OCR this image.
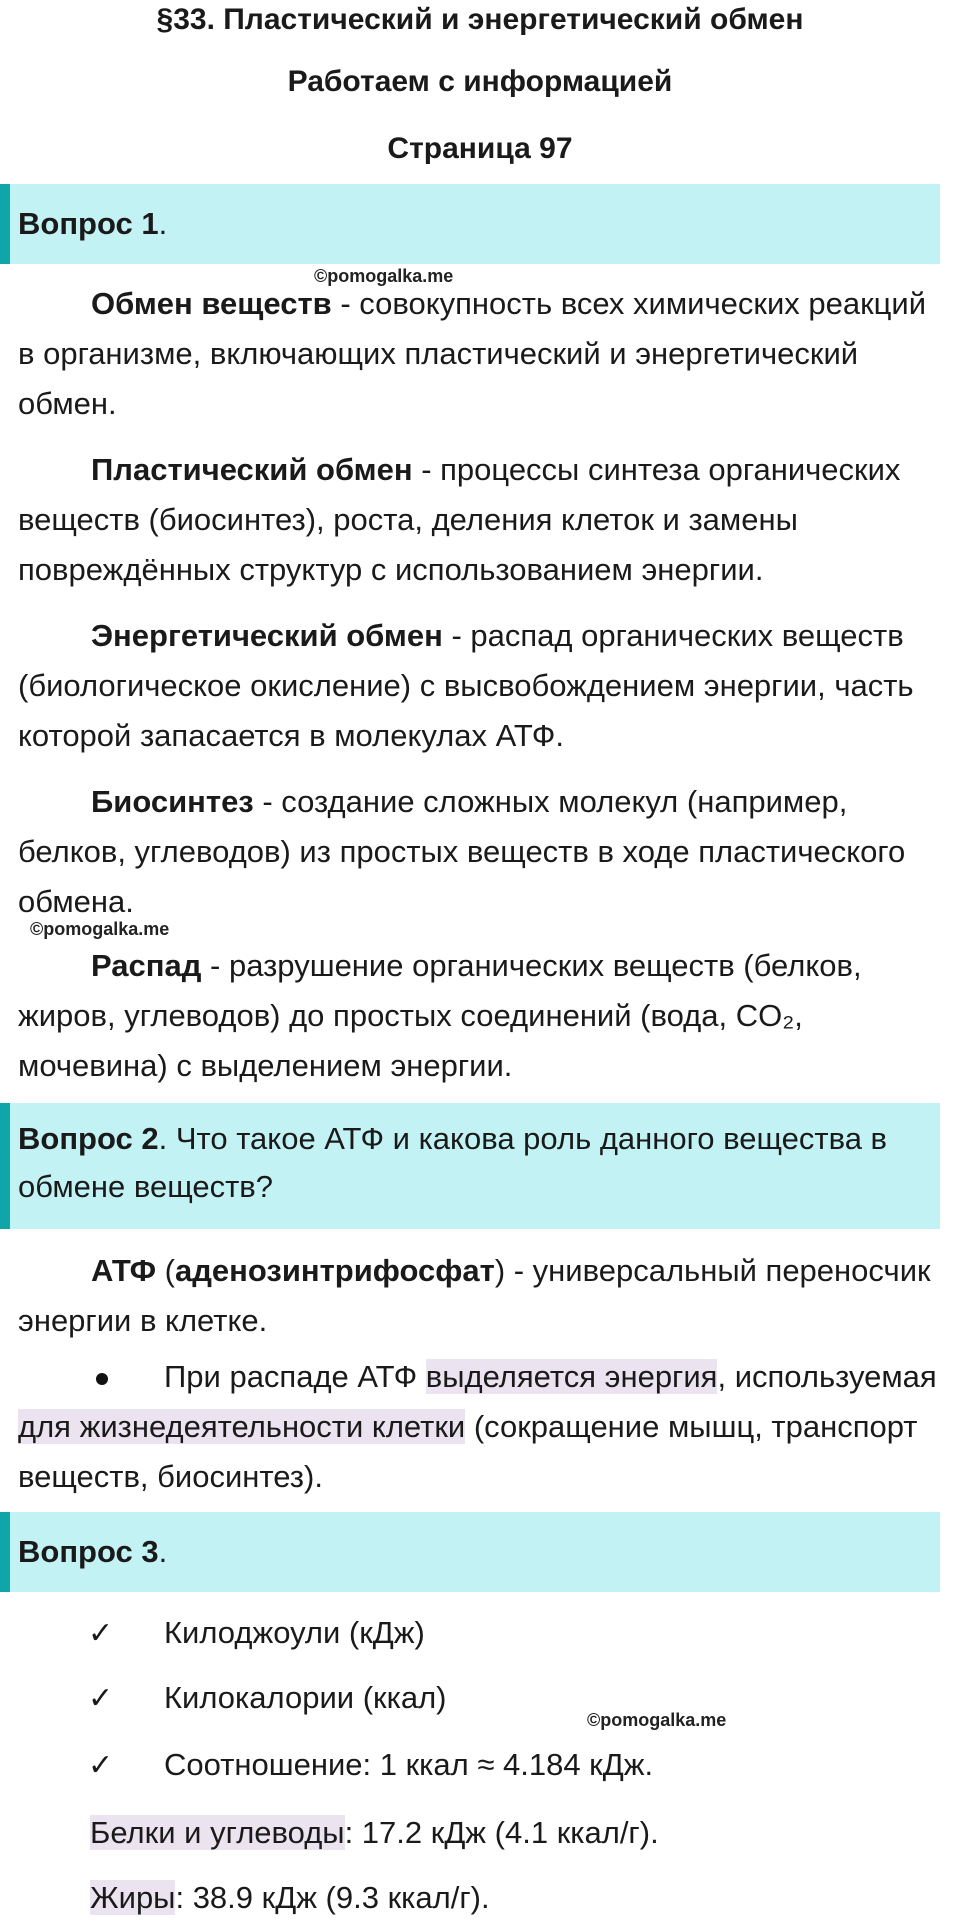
§33. Пластический и энергетический обмен
Работаем с информацией
Страница 97
Вопрос 1.
©pomogalka.me

Обмен веществ - совокупность всех химических реакций в организме, включающих пластический и энергетический обмен.

Пластический обмен - процессы синтеза органических веществ (биосинтез), роста, деления клеток и замены повреждённых структур с использованием энергии.

Энергетический обмен - распад органических веществ (биологическое окисление) с высвобождением энергии, часть которой запасается в молекулах АТФ.

Биосинтез - создание сложных молекул (например, белков, углеводов) из простых веществ в ходе пластического обмена.

©pomogalka.me

Распад - разрушение органических веществ (белков, жиров, углеводов) до простых соединений (вода, CO₂, мочевина) с выделением энергии.

Вопрос 2. Что такое АТФ и какова роль данного вещества в обмене веществ?

АТФ (аденозинтрифосфат) - универсальный переносчик энергии в клетке.

При распаде АТФ выделяется энергия, используемая для жизнедеятельности клетки (сокращение мышц, транспорт веществ, биосинтез).

Вопрос 3.
✓ Килоджоули (кДж)
✓ Килокалории (ккал)
©pomogalka.me
✓ Соотношение: 1 ккал ≈ 4.184 кДж.

Белки и углеводы: 17.2 кДж (4.1 ккал/г).

Жиры: 38.9 кДж (9.3 ккал/г).
